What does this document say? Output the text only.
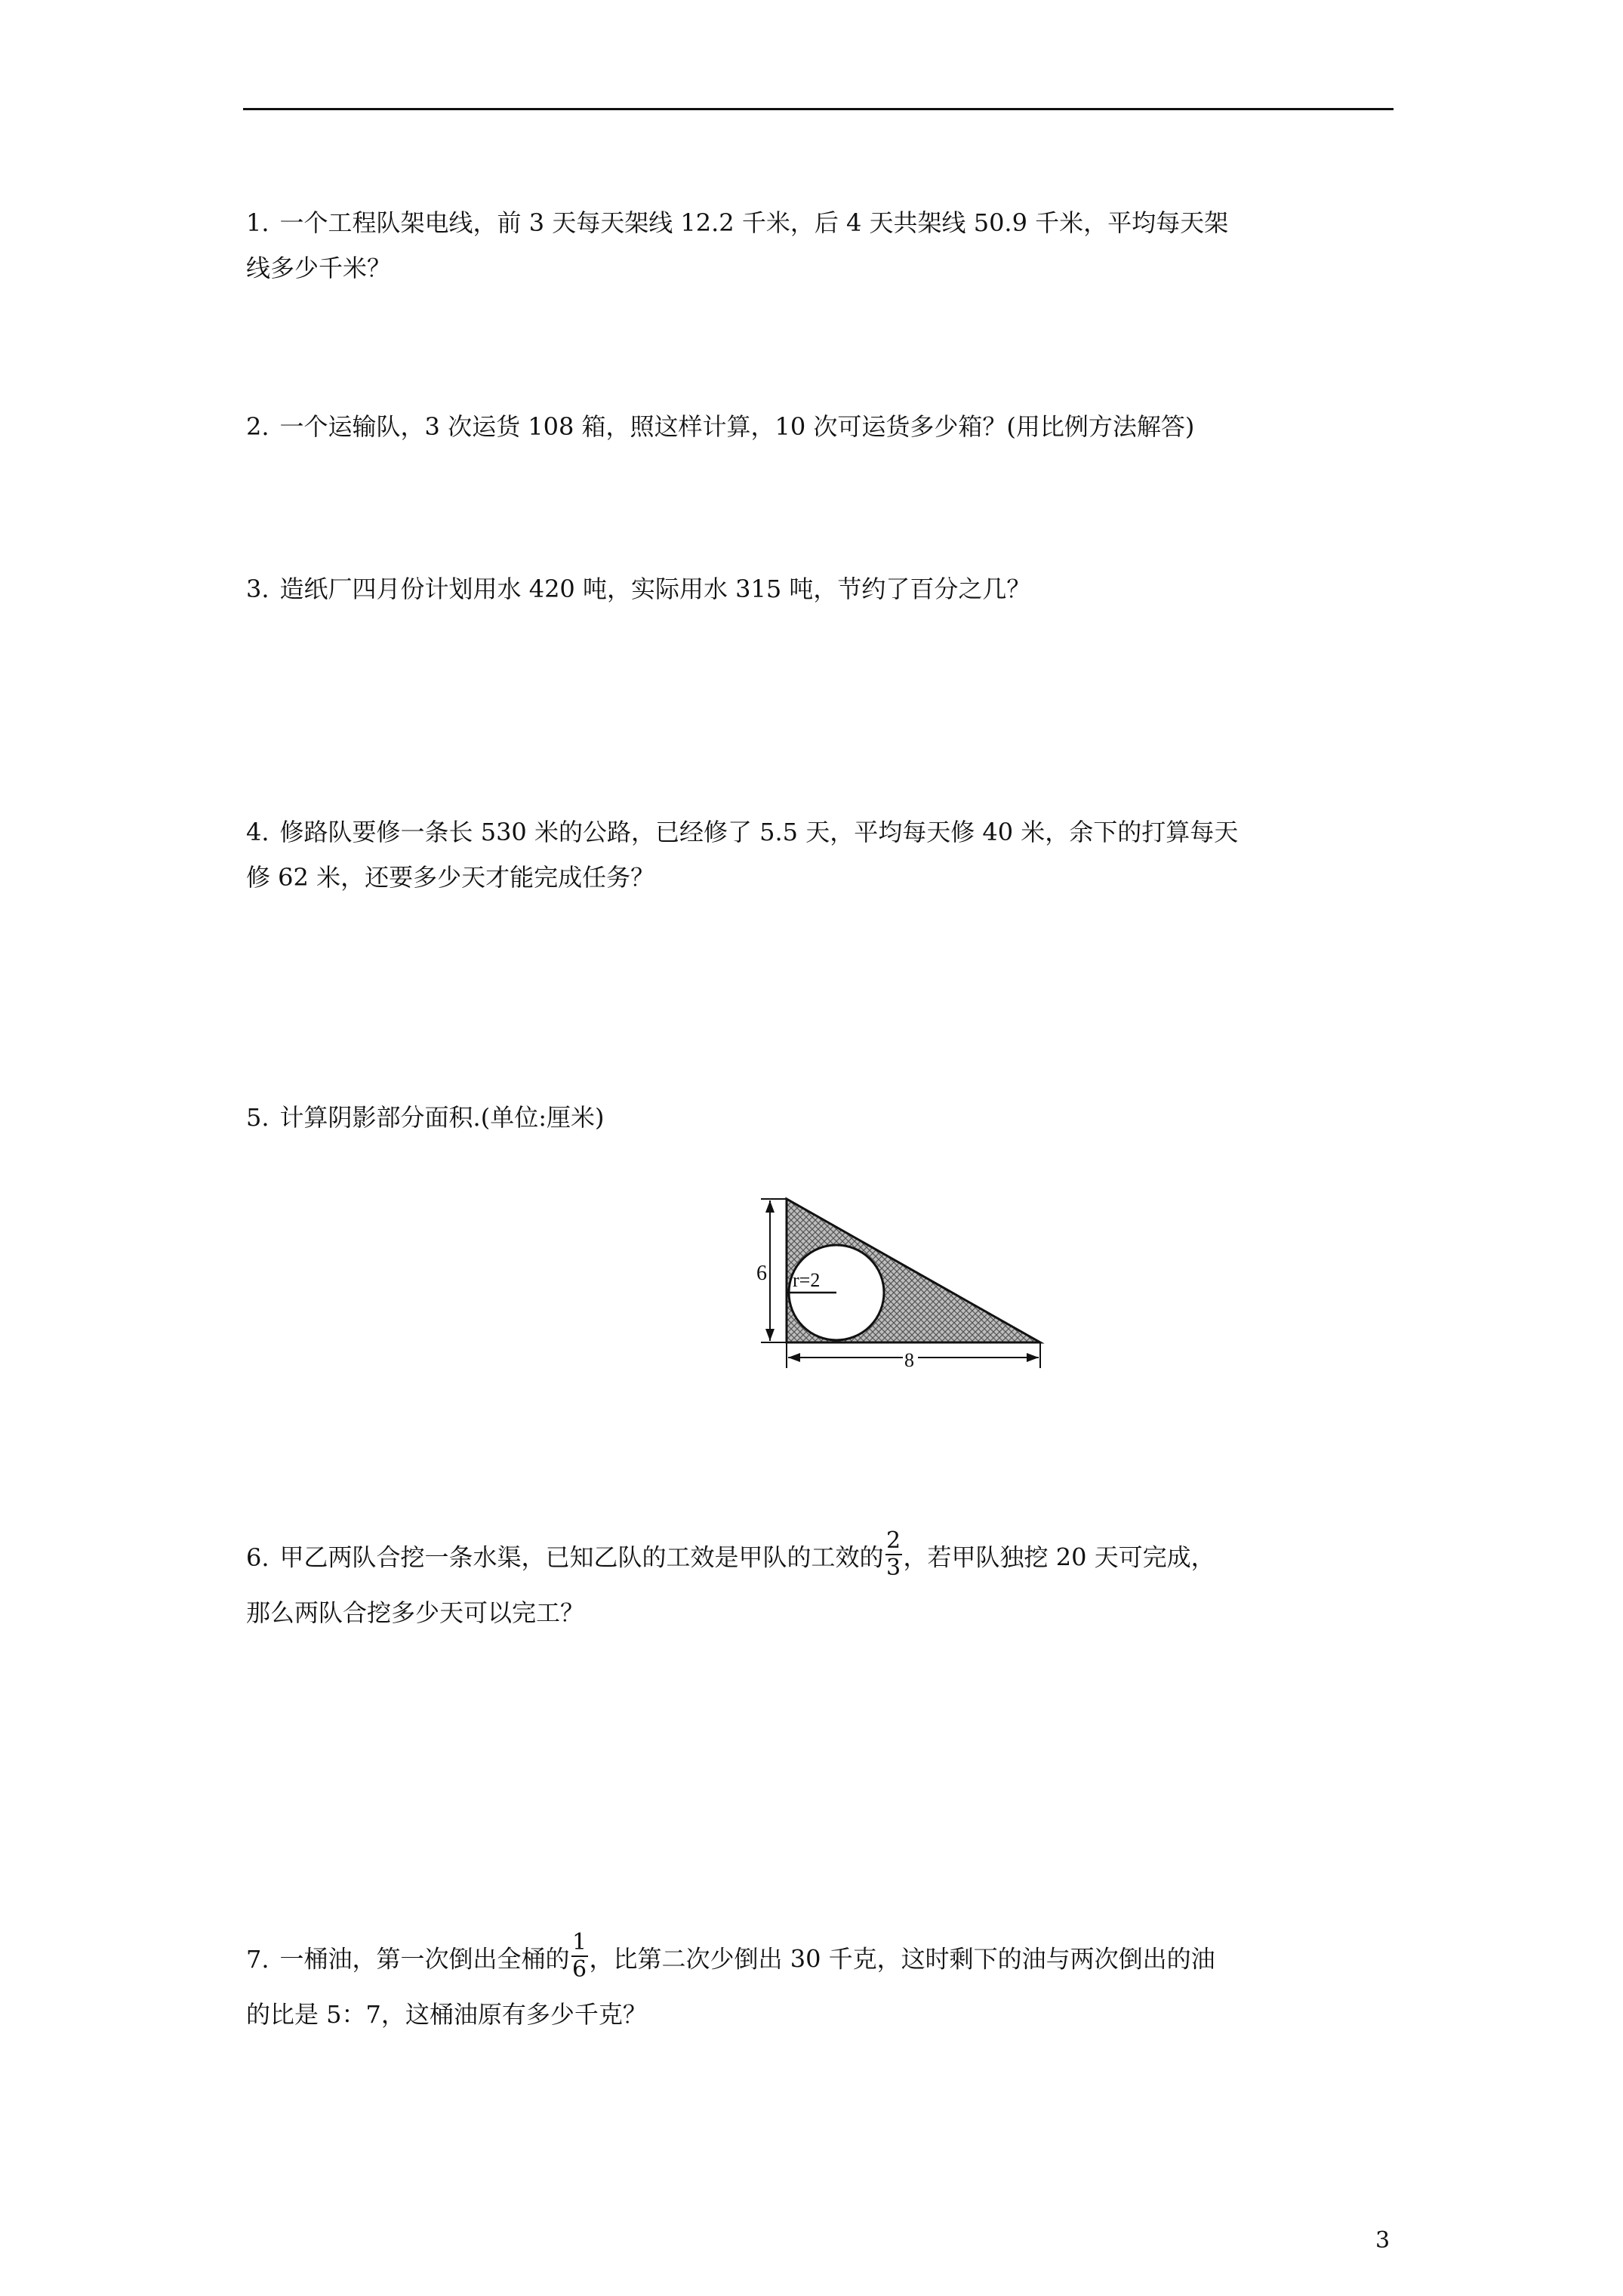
1. 一个工程队架电线，前 3 天每天架线 12.2 千米，后 4 天共架线 50.9 千米，平均每天架
线多少千米？
2. 一个运输队，3 次运货 108 箱，照这样计算，10 次可运货多少箱？(用比例方法解答)
3. 造纸厂四月份计划用水 420 吨，实际用水 315 吨，节约了百分之几？
4. 修路队要修一条长 530 米的公路，已经修了 5.5 天，平均每天修 40 米，余下的打算每天
修 62 米，还要多少天才能完成任务？
5. 计算阴影部分面积.(单位:厘米)
r=2
6
8
6. 甲乙两队合挖一条水渠，已知乙队的工效是甲队的工效的 $\frac{2}{3}$ ，若甲队独挖 20 天可完成，
那么两队合挖多少天可以完工？
7. 一桶油，第一次倒出全桶的 $\frac{1}{6}$ ，比第二次少倒出 30 千克，这时剩下的油与两次倒出的油
的比是 5：7，这桶油原有多少千克？
3
